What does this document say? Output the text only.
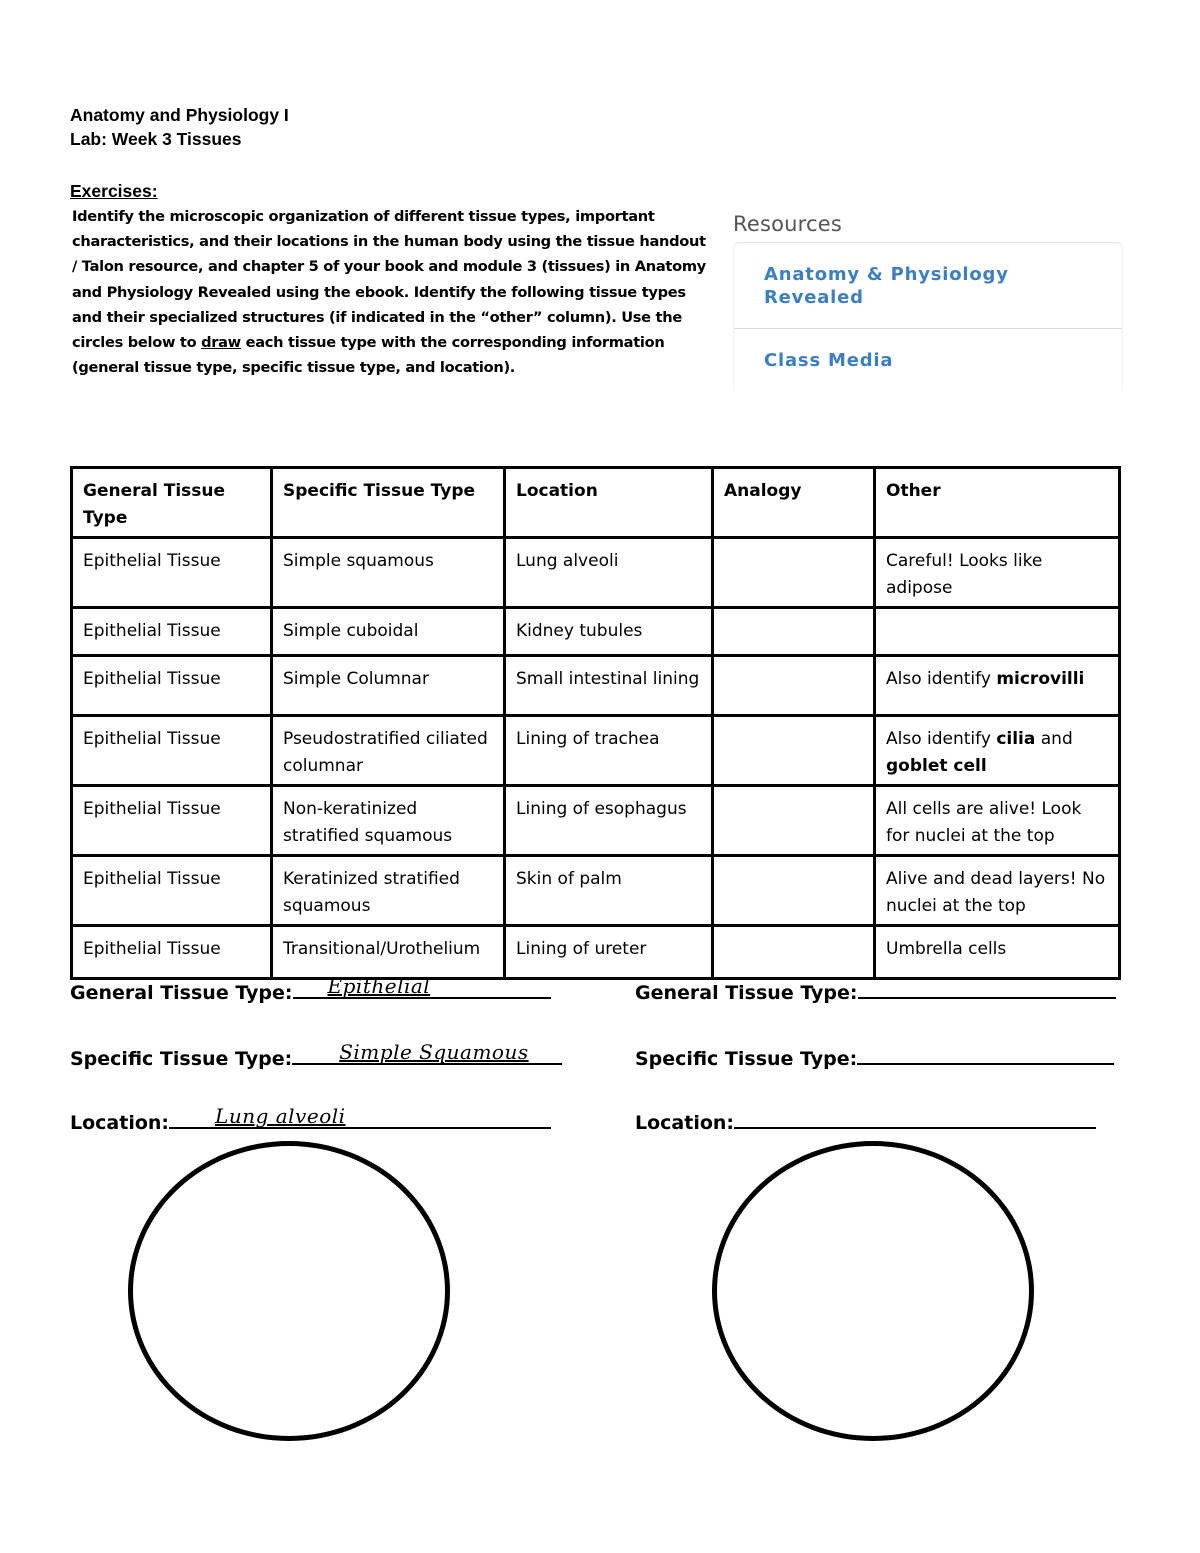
Anatomy and Physiology I
Lab: Week 3 Tissues
Exercises:
Identify the microscopic organization of different tissue types, important characteristics, and their locations in the human body using the tissue handout / Talon resource, and chapter 5 of your book and module 3 (tissues) in Anatomy and Physiology Revealed using the ebook. Identify the following tissue types and their specialized structures (if indicated in the “other” column). Use the circles below to draw each tissue type with the corresponding information (general tissue type, specific tissue type, and location).
Resources
Anatomy & Physiology Revealed
Class Media
General Tissue Type	Specific Tissue Type	Location	Analogy	Other
Epithelial Tissue	Simple squamous	Lung alveoli		Careful! Looks like adipose
Epithelial Tissue	Simple cuboidal	Kidney tubules		
Epithelial Tissue	Simple Columnar	Small intestinal lining		Also identify microvilli
Epithelial Tissue	Pseudostratified ciliated columnar	Lining of trachea		Also identify cilia and goblet cell
Epithelial Tissue	Non-keratinized stratified squamous	Lining of esophagus		All cells are alive! Look for nuclei at the top
Epithelial Tissue	Keratinized stratified squamous	Skin of palm		Alive and dead layers! No nuclei at the top
Epithelial Tissue	Transitional/Urothelium	Lining of ureter		Umbrella cells
General Tissue Type: Epithelial
Specific Tissue Type: Simple Squamous
Location: Lung alveoli
General Tissue Type:
Specific Tissue Type:
Location:
